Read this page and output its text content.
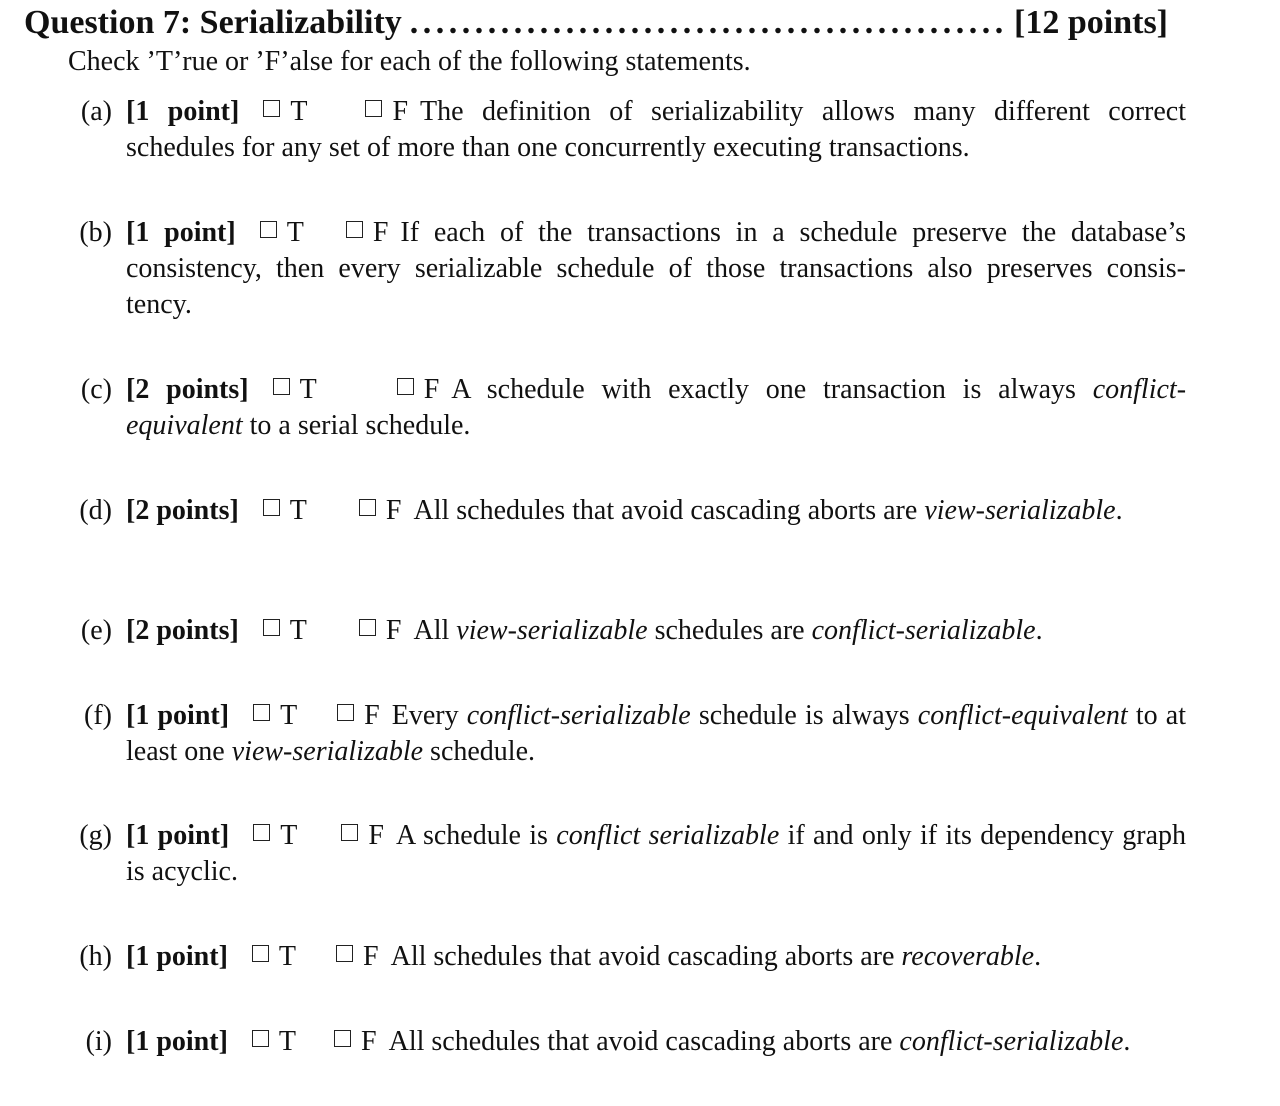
Question 7: Serializability
. . .	[12 points]
Check ’T’rue or ’F’alse for each of the following statements.
(a) [1 point] T	F The definition of serializability allows many different correct schedules for any set of more than one concurrently executing transactions.
(b) [1 point] T F If each of the transactions in a schedule preserve the database’s consistency, then every serializable schedule of those transactions also preserves consis- tency.
(c) [2 points] T	F A schedule with exactly one transaction is always conflict- equivalent to a serial schedule.
(d) [2 points] T	F All schedules that avoid cascading aborts are view-serializable.
(e) [2 points] T	F All view-serializable schedules are conflict-serializable.
(f) [1 point] T F Every conflict-serializable schedule is always conflict-equivalent to at least one view-serializable schedule.
(g) [1 point] T	F A schedule is conflict serializable if and only if its dependency graph is acyclic.
(h) [1 point] T F All schedules that avoid cascading aborts are recoverable.
(i) [1 point] T F All schedules that avoid cascading aborts are conflict-serializable.
